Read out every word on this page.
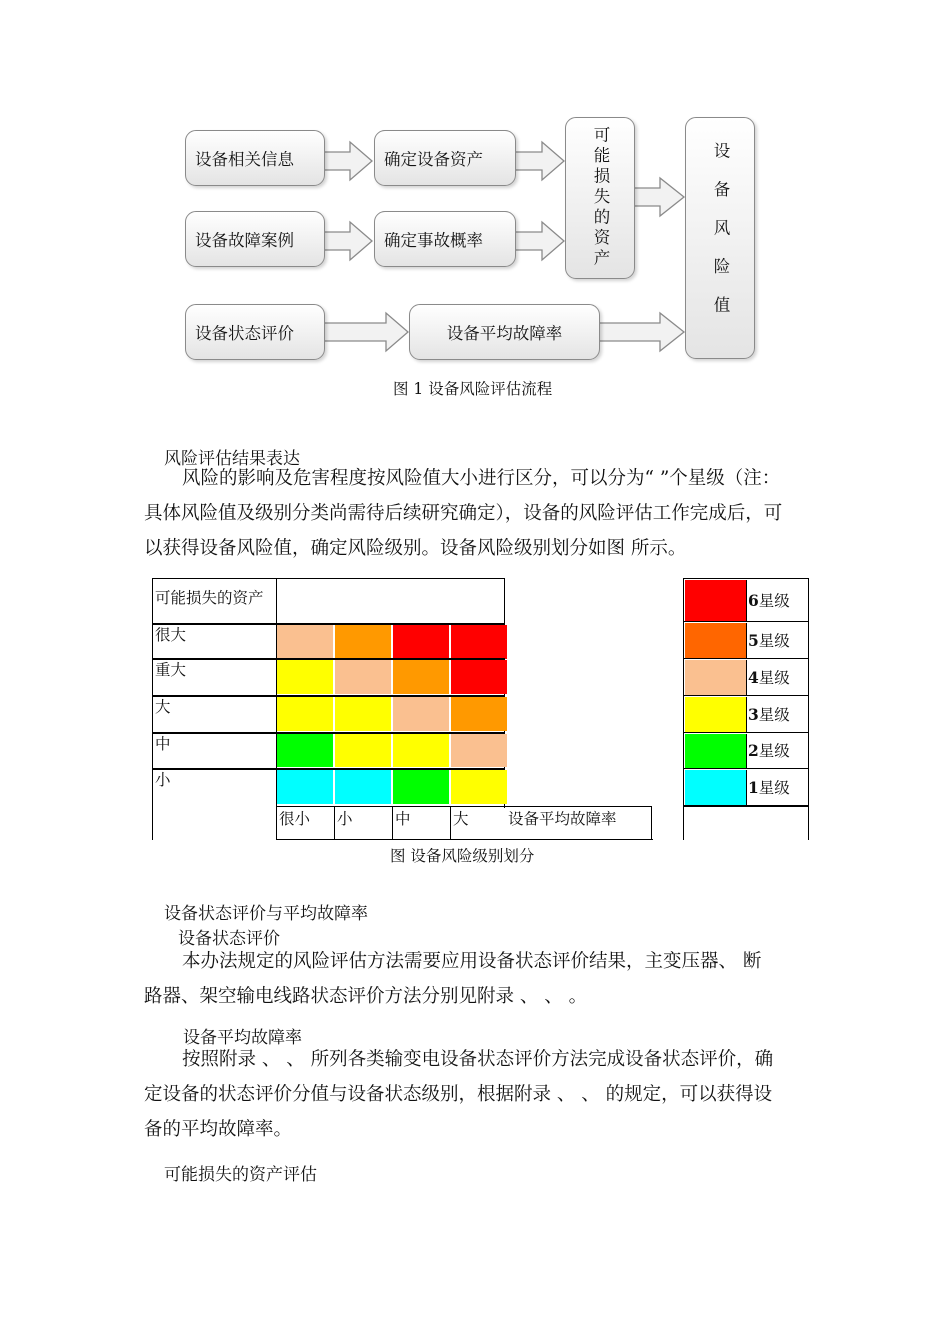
设备相关信息
设备故障案例
设备状态评价
确定设备资产
确定事故概率
设备平均故障率
可能损失的资产	设备风险值
图 1 设备风险评估流程
风险评估结果表达

风险的影响及危害程度按风险值大小进行区分，可以分为“ ”个星级（注：

具体风险值及级别分类尚需待后续研究确定），设备的风险评估工作完成后，可

以获得设备风险值，确定风险级别。设备风险级别划分如图 所示。

可能损失的资产
设备平均故障率
很大
重大
大
中
小
很小 小	中	大
6星级
5星级
4星级
3星级
2星级
1星级
图 设备风险级别划分
设备状态评价与平均故障率
设备状态评价

本办法规定的风险评估方法需要应用设备状态评价结果，主变压器、 断

路器、架空输电线路状态评价方法分别见附录 、 、 。

设备平均故障率

按照附录 、 、 所列各类输变电设备状态评价方法完成设备状态评价，确

定设备的状态评价分值与设备状态级别，根据附录 、 、 的规定，可以获得设

备的平均故障率。

可能损失的资产评估
